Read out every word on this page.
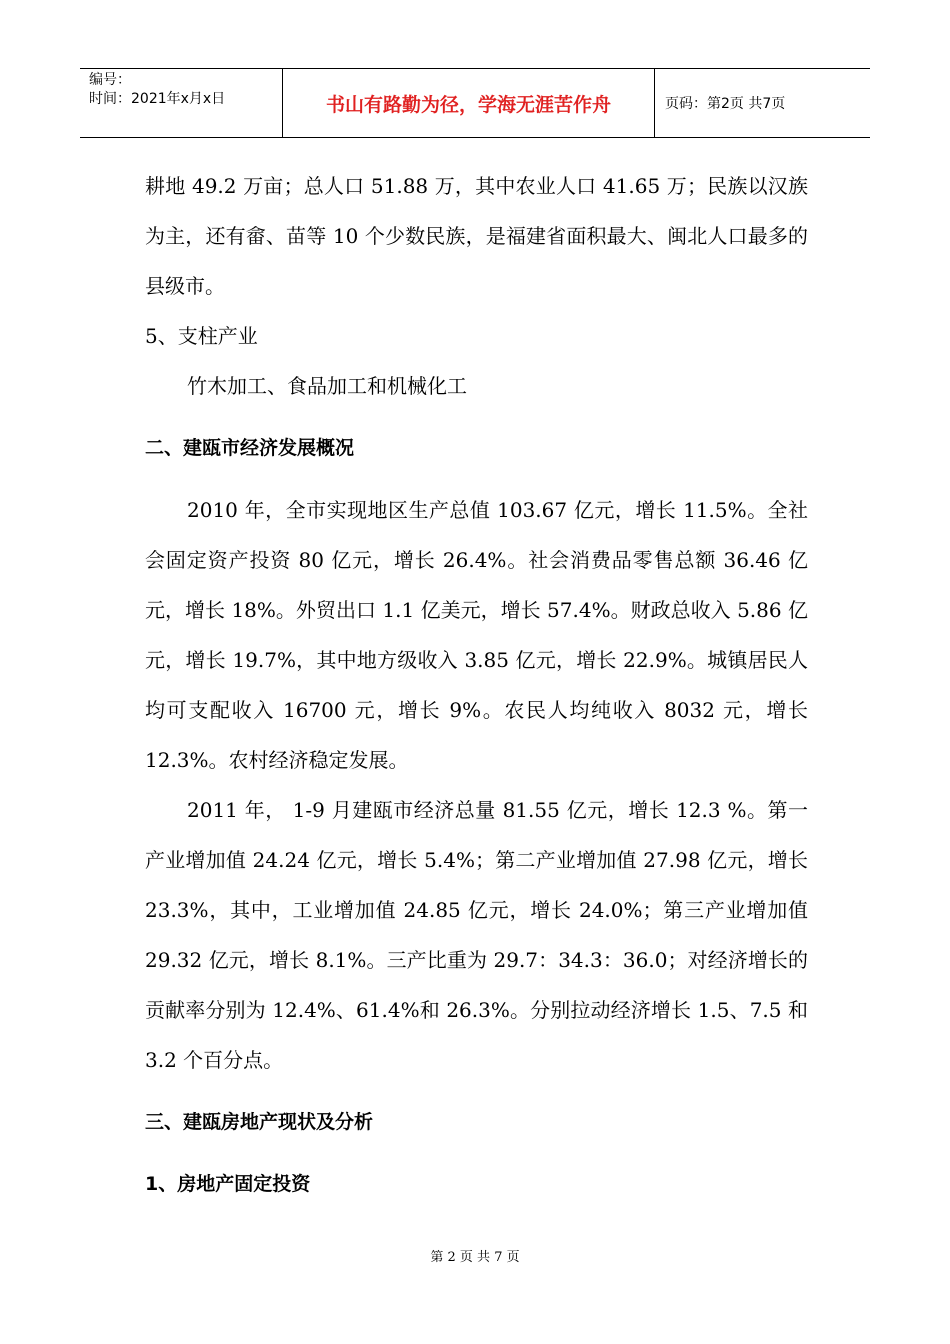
编号：
时间：2021年x月x日	书山有路勤为径，学海无涯苦作舟	页码：第2页 共7页

耕地 49.2 万亩；总人口 51.88 万，其中农业人口 41.65 万；民族以汉族为主，还有畲、苗等 10 个少数民族，是福建省面积最大、闽北人口最多的县级市。

5、支柱产业

竹木加工、食品加工和机械化工

二、建瓯市经济发展概况

2010 年，全市实现地区生产总值 103.67 亿元，增长 11.5%。全社会固定资产投资 80 亿元，增长 26.4%。社会消费品零售总额 36.46 亿元，增长 18%。外贸出口 1.1 亿美元，增长 57.4%。财政总收入 5.86 亿元，增长 19.7%，其中地方级收入 3.85 亿元，增长 22.9%。城镇居民人均可支配收入 16700 元，增长 9%。农民人均纯收入 8032 元，增长 12.3%。农村经济稳定发展。

2011 年， 1-9 月建瓯市经济总量 81.55 亿元，增长 12.3 %。第一产业增加值 24.24 亿元，增长 5.4%；第二产业增加值 27.98 亿元，增长 23.3%，其中，工业增加值 24.85 亿元，增长 24.0%；第三产业增加值 29.32 亿元，增长 8.1%。三产比重为 29.7：34.3：36.0；对经济增长的贡献率分别为 12.4%、61.4%和 26.3%。分别拉动经济增长 1.5、7.5 和 3.2 个百分点。

三、建瓯房地产现状及分析

1、房地产固定投资

第 2 页 共 7 页
